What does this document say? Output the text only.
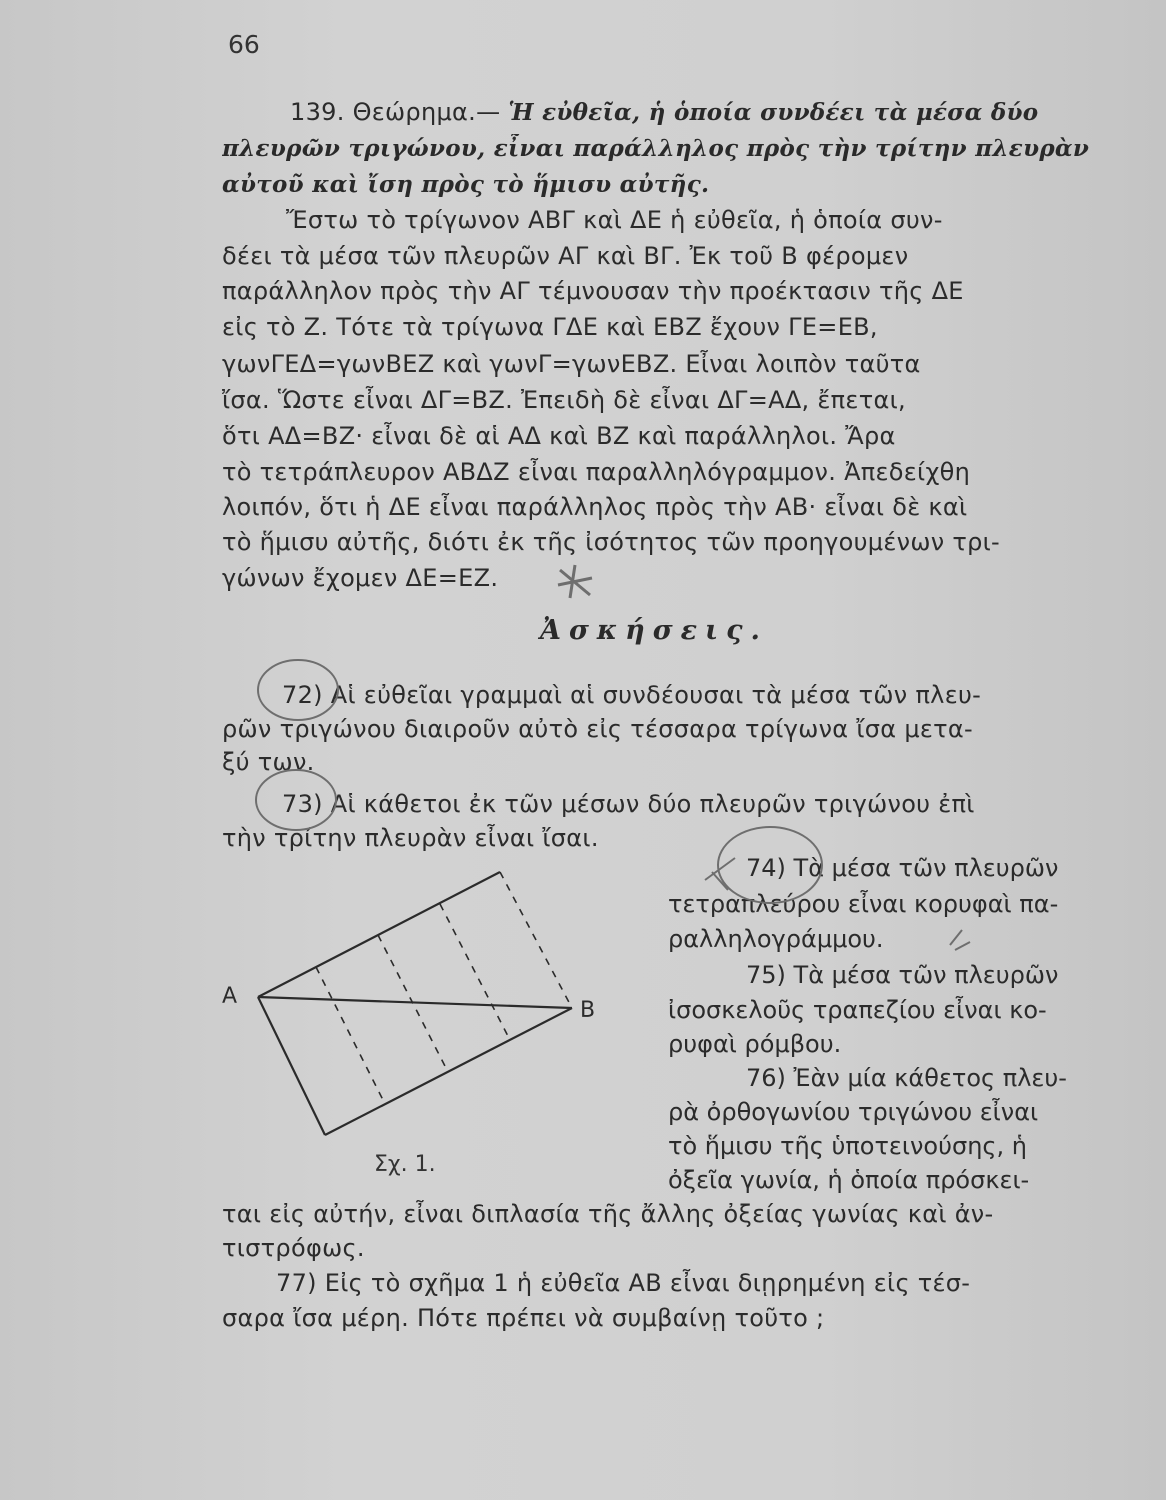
66
139. Θεώρημα.— Ἡ εὐθεῖα, ἡ ὁποία συνδέει τὰ μέσα δύο
πλευρῶν τριγώνου, εἶναι παράλληλος πρὸς τὴν τρίτην πλευρὰν
αὐτοῦ καὶ ἴση πρὸς τὸ ἥμισυ αὐτῆς.
Ἔστω τὸ τρίγωνον ΑΒΓ καὶ ΔΕ ἡ εὐθεῖα, ἡ ὁποία συν-
δέει τὰ μέσα τῶν πλευρῶν ΑΓ καὶ ΒΓ. Ἐκ τοῦ Β φέρομεν
παράλληλον πρὸς τὴν ΑΓ τέμνουσαν τὴν προέκτασιν τῆς ΔΕ
εἰς τὸ Ζ. Τότε τὰ τρίγωνα ΓΔΕ καὶ ΕΒΖ ἔχουν ΓΕ=ΕΒ,
γωνΓΕΔ=γωνΒΕΖ καὶ γωνΓ=γωνΕΒΖ. Εἶναι λοιπὸν ταῦτα
ἴσα. Ὥστε εἶναι ΔΓ=ΒΖ. Ἐπειδὴ δὲ εἶναι ΔΓ=ΑΔ, ἔπεται,
ὅτι ΑΔ=ΒΖ· εἶναι δὲ αἱ ΑΔ καὶ ΒΖ καὶ παράλληλοι. Ἄρα
τὸ τετράπλευρον ΑΒΔΖ εἶναι παραλληλόγραμμον. Ἀπεδείχθη
λοιπόν, ὅτι ἡ ΔΕ εἶναι παράλληλος πρὸς τὴν ΑΒ· εἶναι δὲ καὶ
τὸ ἥμισυ αὐτῆς, διότι ἐκ τῆς ἰσότητος τῶν προηγουμένων τρι-
γώνων ἔχομεν ΔΕ=ΕΖ.
Ἀσκήσεις.
72) Αἱ εὐθεῖαι γραμμαὶ αἱ συνδέουσαι τὰ μέσα τῶν πλευ-
ρῶν τριγώνου διαιροῦν αὐτὸ εἰς τέσσαρα τρίγωνα ἴσα μετα-
ξύ των.
73) Αἱ κάθετοι ἐκ τῶν μέσων δύο πλευρῶν τριγώνου ἐπὶ
τὴν τρίτην πλευρὰν εἶναι ἴσαι.
74) Τὰ μέσα τῶν πλευρῶν
τετραπλεύρου εἶναι κορυφαὶ πα-
ραλληλογράμμου.
75) Τὰ μέσα τῶν πλευρῶν
ἰσοσκελοῦς τραπεζίου εἶναι κο-
ρυφαὶ ρόμβου.
76) Ἐὰν μία κάθετος πλευ-
ρὰ ὀρθογωνίου τριγώνου εἶναι
τὸ ἥμισυ τῆς ὑποτεινούσης, ἡ
ὀξεῖα γωνία, ἡ ὁποία πρόσκει-
ται εἰς αὐτήν, εἶναι διπλασία τῆς ἄλλης ὀξείας γωνίας καὶ ἀν-
τιστρόφως.
77) Εἰς τὸ σχῆμα 1 ἡ εὐθεῖα ΑΒ εἶναι διῃρημένη εἰς τέσ-
σαρα ἴσα μέρη. Πότε πρέπει νὰ συμβαίνῃ τοῦτο ;
Α
Β
Σχ. 1.
